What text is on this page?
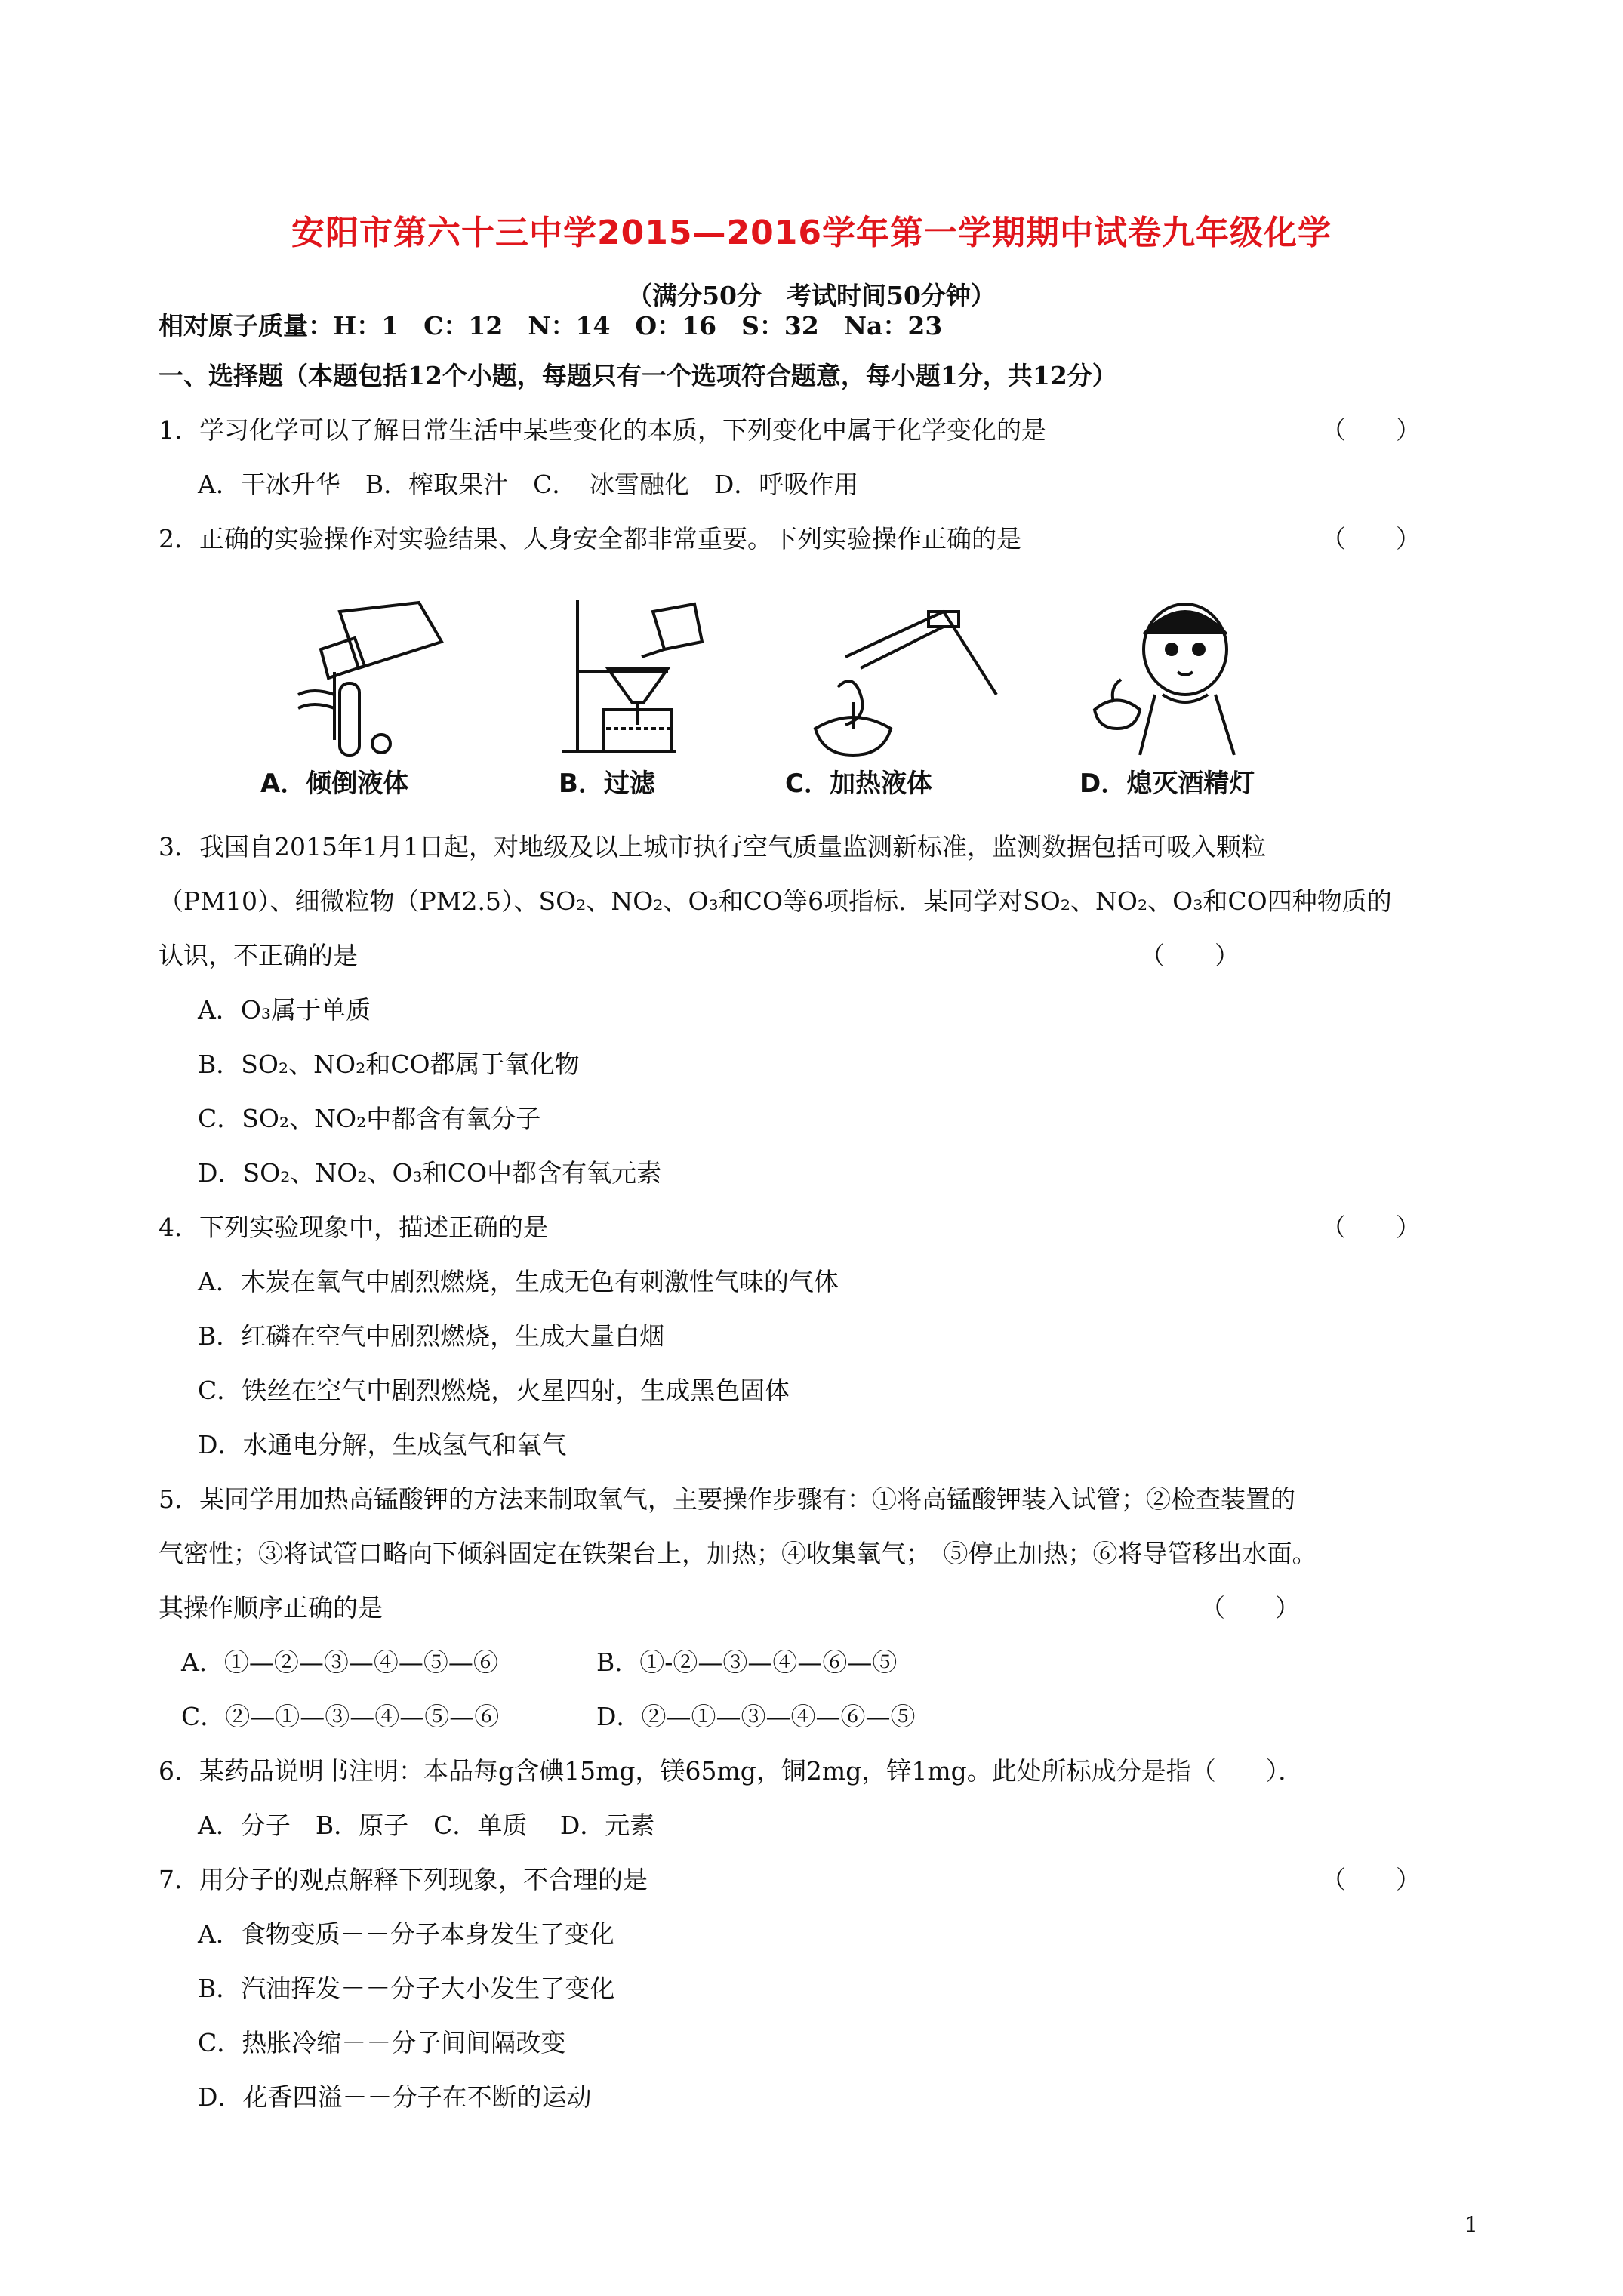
安阳市第六十三中学2015—2016学年第一学期期中试卷九年级化学
（满分50分　考试时间50分钟）
相对原子质量：H：1　C：12　N：14　O：16　S：32　Na：23
一、选择题（本题包括12个小题，每题只有一个选项符合题意，每小题1分，共12分）
1．学习化学可以了解日常生活中某些变化的本质，下列变化中属于化学变化的是	（　　）
A．干冰升华　B．榨取果汁　C．　冰雪融化　D．呼吸作用
2．正确的实验操作对实验结果、人身安全都非常重要。下列实验操作正确的是	（　　）
A．倾倒液体	B．过滤	C．加热液体	D．熄灭酒精灯
3．我国自2015年1月1日起，对地级及以上城市执行空气质量监测新标准，监测数据包括可吸入颗粒
（PM10）、细微粒物（PM2.5）、SO₂、NO₂、O₃和CO等6项指标．某同学对SO₂、NO₂、O₃和CO四种物质的
认识，不正确的是	（　　）
A．O₃属于单质
B．SO₂、NO₂和CO都属于氧化物
C．SO₂、NO₂中都含有氧分子
D．SO₂、NO₂、O₃和CO中都含有氧元素
4．下列实验现象中，描述正确的是	（　　）
A．木炭在氧气中剧烈燃烧，生成无色有刺激性气味的气体
B．红磷在空气中剧烈燃烧，生成大量白烟
C．铁丝在空气中剧烈燃烧，火星四射，生成黑色固体
D．水通电分解，生成氢气和氧气
5．某同学用加热高锰酸钾的方法来制取氧气，主要操作步骤有：①将高锰酸钾装入试管；②检查装置的
气密性；③将试管口略向下倾斜固定在铁架台上，加热；④收集氧气；　⑤停止加热；⑥将导管移出水面。
其操作顺序正确的是	（　　）
A．①—②—③—④—⑤—⑥	B．①-②—③—④—⑥—⑤
C．②—①—③—④—⑤—⑥	D．②—①—③—④—⑥—⑤
6．某药品说明书注明：本品每g含碘15mg，镁65mg，铜2mg，锌1mg。此处所标成分是指（　　）．
A．分子　B．原子　C．单质　 D．元素
7．用分子的观点解释下列现象，不合理的是	（　　）
A．食物变质－－分子本身发生了变化
B．汽油挥发－－分子大小发生了变化
C．热胀冷缩－－分子间间隔改变
D．花香四溢－－分子在不断的运动
1
